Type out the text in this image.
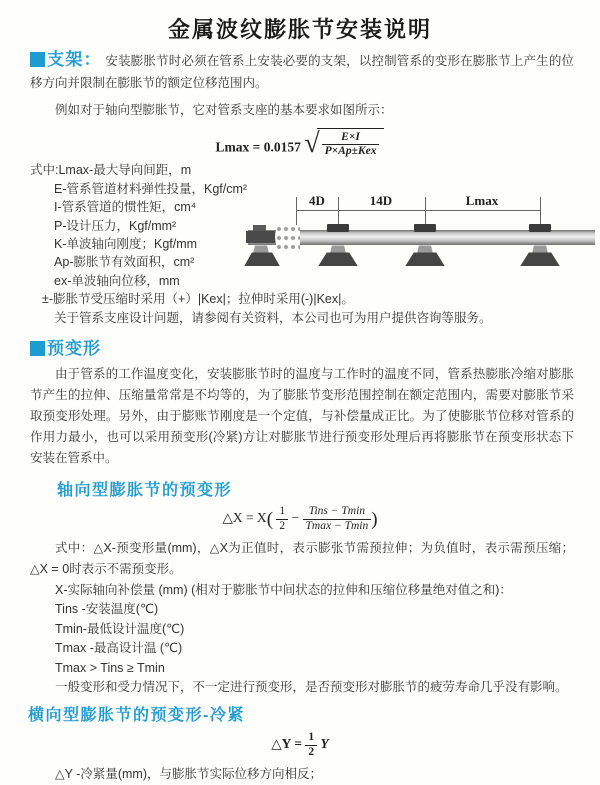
金属波纹膨胀节安装说明
支架： 安装膨胀节时必须在管系上安装必要的支架，以控制管系的变形在膨胀节上产生的位移方向并限制在膨胀节的额定位移范围内。
例如对于轴向型膨胀节，它对管系支座的基本要求如图所示：
Lmax = 0.0157 √ $\frac{E\times I}{\text{P×Ap±Kex}}$
式中:Lmax-最大导向间距，m
E-管系管道材料弹性投量，Kgf/cm²
I-管系管道的惯性矩，cm⁴
P-设计压力，Kgf/mm²
K-单波轴向刚度；Kgf/mm
Ap-膨胀节有效面积，cm²
ex-单波轴向位移，mm
±-膨胀节受压缩时采用（+）|Kex|；拉伸时采用(-)|Kex|。
关于管系支座设计问题，请参阅有关资料，本公司也可为用户提供咨询等服务。
4D	14D	Lmax
预变形
由于管系的工作温度变化，安装膨胀节时的温度与工作时的温度不同，管系热膨胀冷缩对膨胀节产生的拉伸、压缩量常常是不均等的，为了膨胀节变形范围控制在额定范围内，需要对膨胀节采取预变形处理。另外，由于膨账节刚度是一个定值，与补偿量成正比。为了使膨胀节位移对管系的作用力最小，也可以采用预变形(冷紧)方让对膨胀节进行预变形处理后再将膨胀节在预变形状态下安装在管系中。
轴向型膨胀节的预变形
△X = $X( \frac{1}{2} - \frac{\text{Tins − Tmin}}{Tmax - Tmin}$ )
式中：△X-预变形量(mm)，△X为正值时，表示膨张节需预拉伸；为负值时，表示需预压缩；△X = 0时表示不需预变形。
X-实际轴向补偿量 (mm) (相对于膨胀节中间状态的拉伸和压缩位移量绝对值之和)：
Tins -安装温度(℃)
Tmin-最低设计温度(℃)
Tmax -最高设计温 (℃)
Tmax > Tins ≥ Tmin
一般变形和受力情况下，不一定进行预变形，是否预变形对膨胀节的疲劳寿命几乎没有影响。
横向型膨胀节的预变形-冷紧
△Y = $\frac{1}{2}$ Y
△Y -冷紧量(mm)，与膨胀节实际位移方向相反；
